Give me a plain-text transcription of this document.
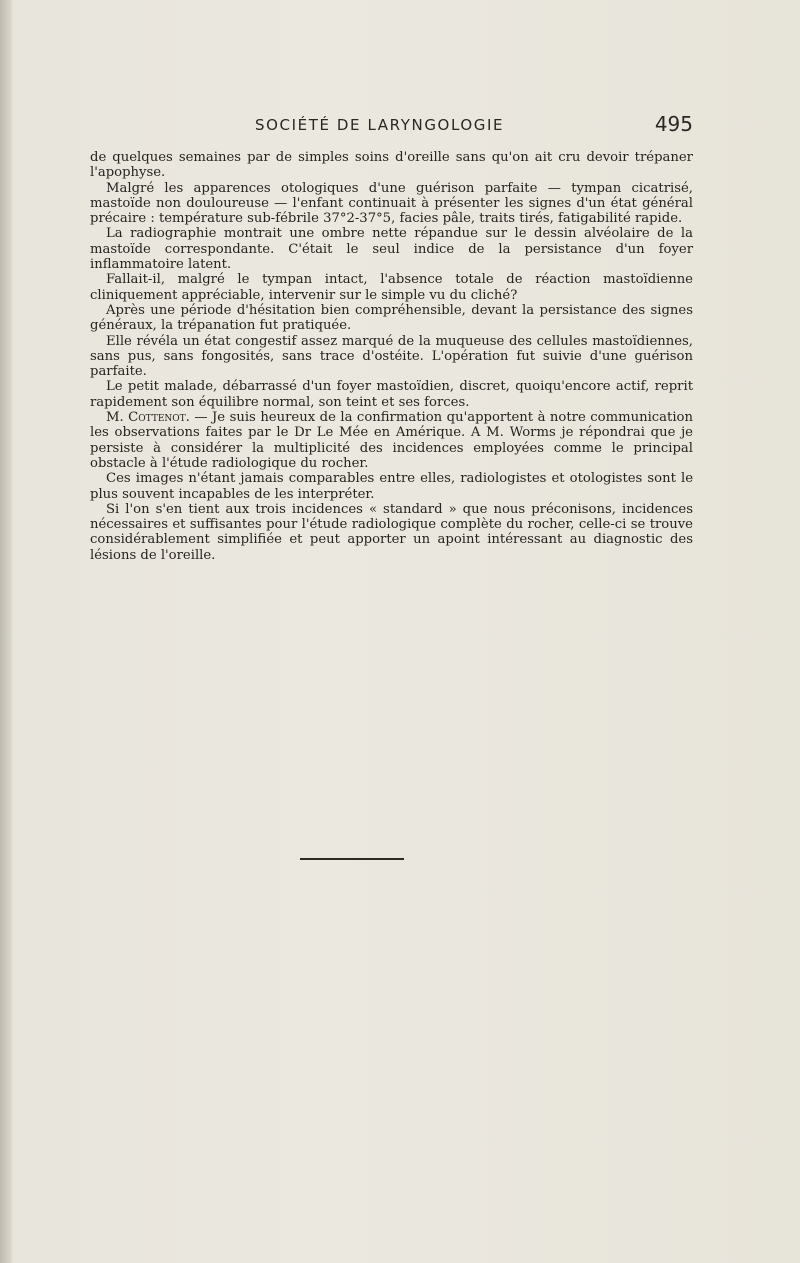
SOCIÉTÉ DE LARYNGOLOGIE	495

de quelques semaines par de simples soins d'oreille sans qu'on ait cru devoir trépaner l'apophyse.

Malgré les apparences otologiques d'une guérison parfaite — tympan cicatrisé, mastoïde non douloureuse — l'enfant continuait à présenter les signes d'un état général précaire : température sub-fébrile 37°2-37°5, facies pâle, traits tirés, fatigabilité rapide.

La radiographie montrait une ombre nette répandue sur le dessin alvéolaire de la mastoïde correspondante. C'était le seul indice de la persistance d'un foyer inflammatoire latent.

Fallait-il, malgré le tympan intact, l'absence totale de réaction mastoïdienne cliniquement appréciable, intervenir sur le simple vu du cliché?

Après une période d'hésitation bien compréhensible, devant la persistance des signes généraux, la trépanation fut pratiquée.

Elle révéla un état congestif assez marqué de la muqueuse des cellules mastoïdiennes, sans pus, sans fongosités, sans trace d'ostéite. L'opération fut suivie d'une guérison parfaite.

Le petit malade, débarrassé d'un foyer mastoïdien, discret, quoiqu'encore actif, reprit rapidement son équilibre normal, son teint et ses forces.

M. Cottenot. — Je suis heureux de la confirmation qu'apportent à notre communication les observations faites par le Dr Le Mée en Amérique. A M. Worms je répondrai que je persiste à considérer la multiplicité des incidences employées comme le principal obstacle à l'étude radiologique du rocher.

Ces images n'étant jamais comparables entre elles, radiologistes et otologistes sont le plus souvent incapables de les interpréter.

Si l'on s'en tient aux trois incidences « standard » que nous préconisons, incidences nécessaires et suffisantes pour l'étude radiologique complète du rocher, celle-ci se trouve considérablement simplifiée et peut apporter un apoint intéressant au diagnostic des lésions de l'oreille.
